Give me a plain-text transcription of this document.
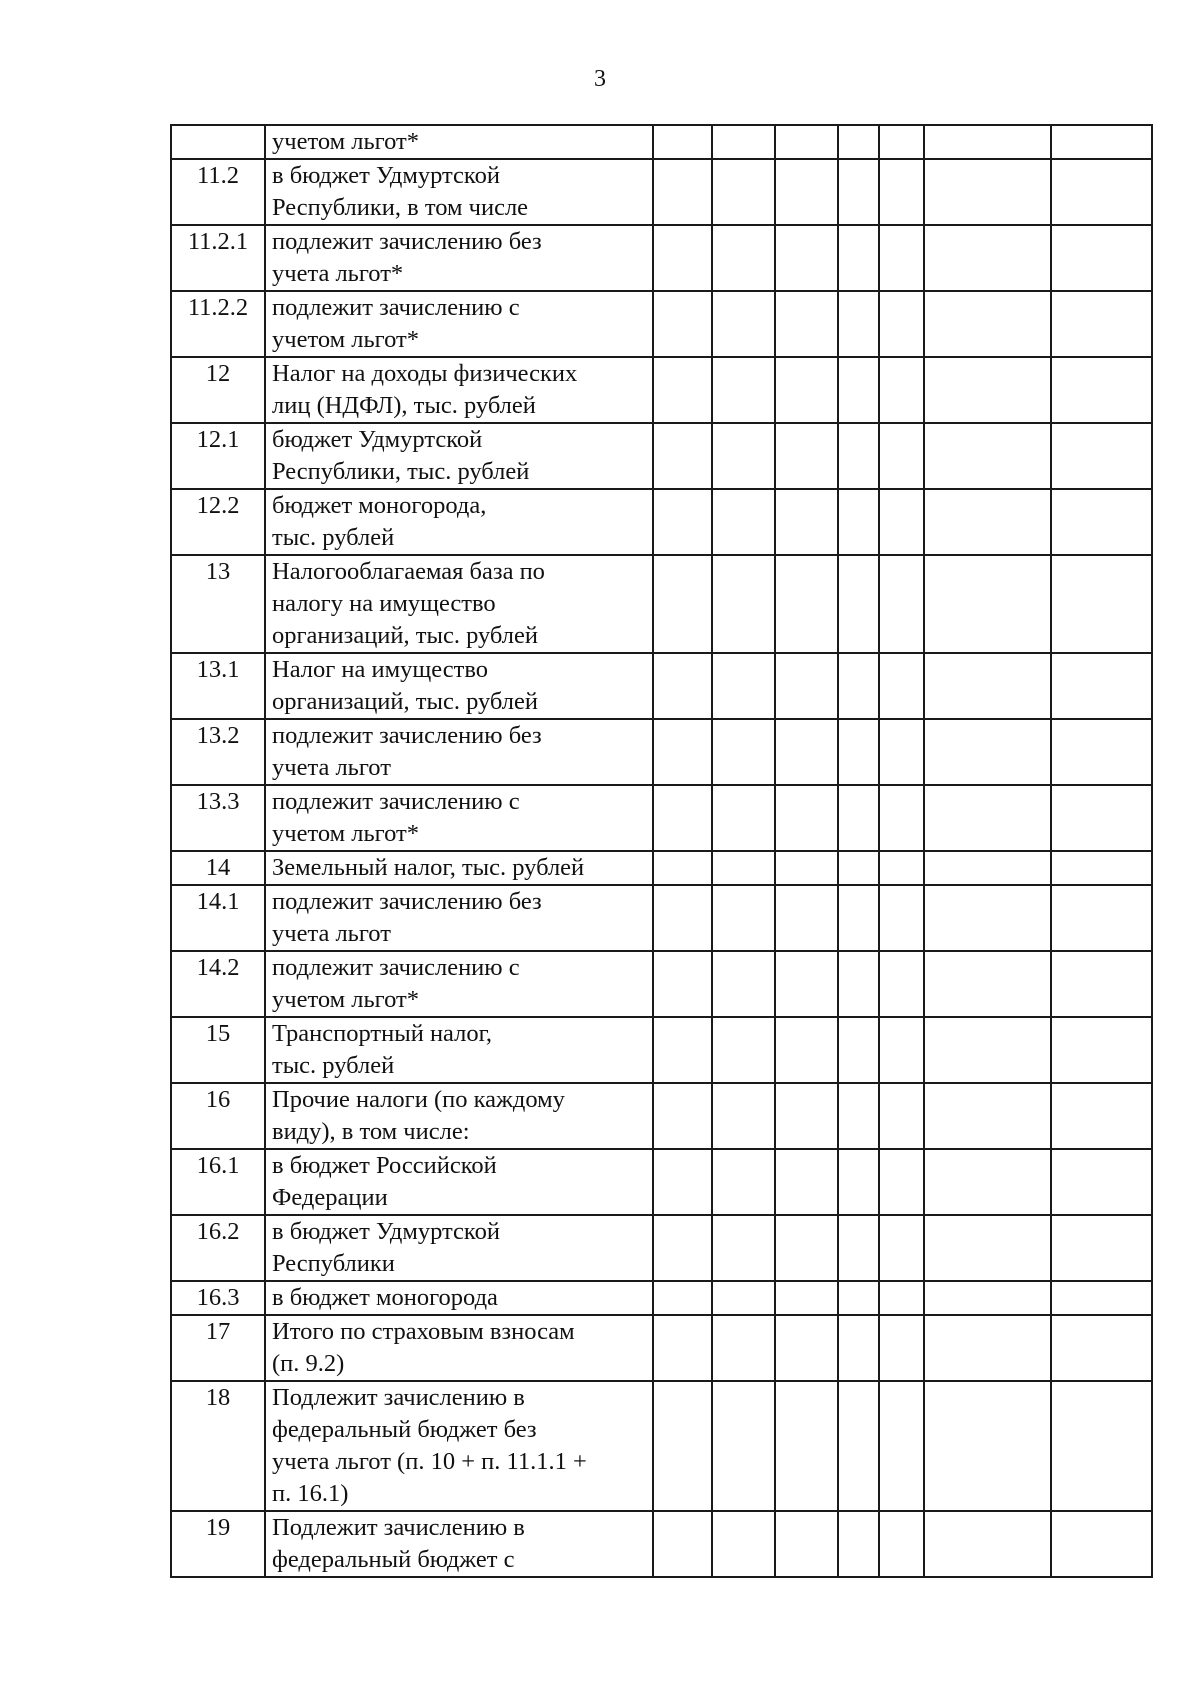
3

	учетом льгот*							

11.2	в бюджет Удмуртской
Республики, в том числе							

11.2.1	подлежит зачислению без
учета льгот*							

11.2.2	подлежит зачислению с
учетом льгот*							

12	Налог на доходы физических
лиц (НДФЛ), тыс. рублей							

12.1	бюджет Удмуртской
Республики, тыс. рублей							

12.2	бюджет моногорода,
тыс. рублей							

13	Налогооблагаемая база по
налогу на имущество
организаций, тыс. рублей							

13.1	Налог на имущество
организаций, тыс. рублей							

13.2	подлежит зачислению без
учета льгот							

13.3	подлежит зачислению с
учетом льгот*							

14	Земельный налог, тыс. рублей							

14.1	подлежит зачислению без
учета льгот							

14.2	подлежит зачислению с
учетом льгот*							

15	Транспортный налог,
тыс. рублей							

16	Прочие налоги (по каждому
виду), в том числе:							

16.1	в бюджет Российской
Федерации							

16.2	в бюджет Удмуртской
Республики							

16.3	в бюджет моногорода							

17	Итого по страховым взносам
(п. 9.2)							

18	Подлежит зачислению в
федеральный бюджет без
учета льгот (п. 10 + п. 11.1.1 +
п. 16.1)							

19	Подлежит зачислению в
федеральный бюджет с							
